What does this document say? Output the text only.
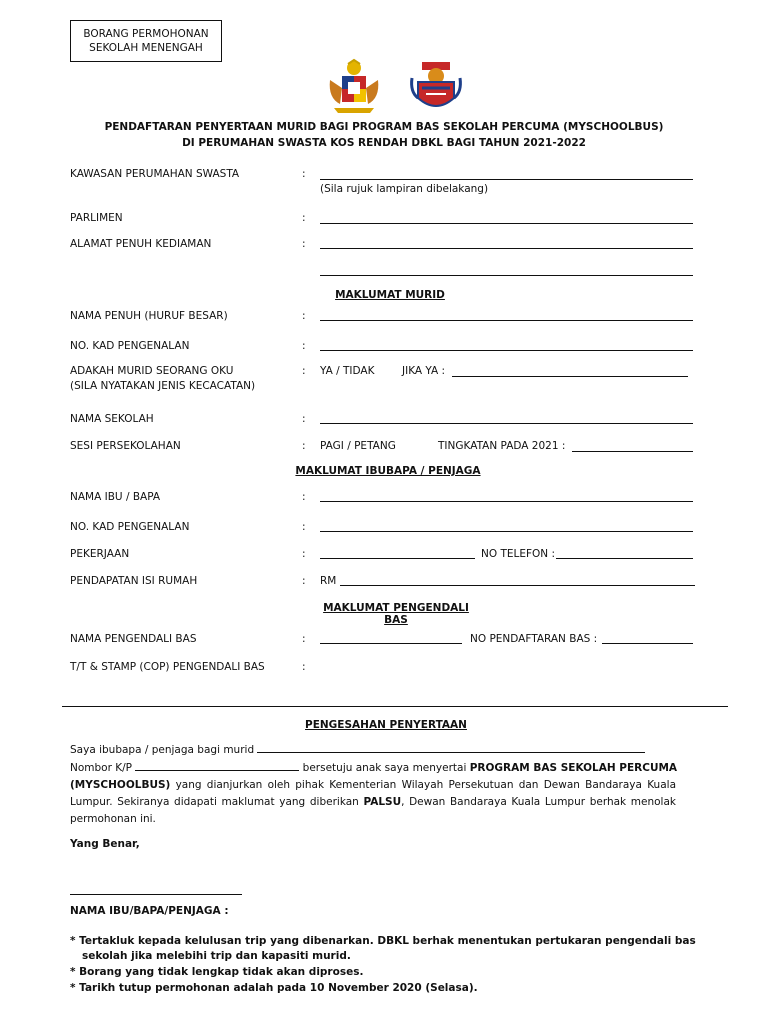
BORANG PERMOHONAN
SEKOLAH MENENGAH
PENDAFTARAN PENYERTAAN MURID BAGI PROGRAM BAS SEKOLAH PERCUMA (MYSCHOOLBUS)
DI PERUMAHAN SWASTA KOS RENDAH DBKL BAGI TAHUN 2021-2022
KAWASAN PERUMAHAN SWASTA	:
(Sila rujuk lampiran dibelakang)
PARLIMEN	:
ALAMAT PENUH KEDIAMAN	:
MAKLUMAT MURID
NAMA PENUH (HURUF BESAR)	:
NO. KAD PENGENALAN	:
ADAKAH MURID SEORANG OKU
(SILA NYATAKAN JENIS KECACATAN)
: YA / TIDAK	JIKA YA :
NAMA SEKOLAH	:
SESI PERSEKOLAHAN	: PAGI / PETANG	TINGKATAN PADA 2021 :
MAKLUMAT IBUBAPA / PENJAGA
NAMA IBU / BAPA	:
NO. KAD PENGENALAN	:
PEKERJAAN	:	NO TELEFON :
PENDAPATAN ISI RUMAH	: RM
MAKLUMAT PENGENDALI BAS
NAMA PENGENDALI BAS	:	NO PENDAFTARAN BAS :
T/T & STAMP (COP) PENGENDALI BAS	:
PENGESAHAN PENYERTAAN
Saya ibubapa / penjaga bagi murid
Nombor K/P	bersetuju anak saya menyertai PROGRAM BAS SEKOLAH PERCUMA
(MYSCHOOLBUS) yang dianjurkan oleh pihak Kementerian Wilayah Persekutuan dan Dewan Bandaraya Kuala Lumpur. Sekiranya didapati maklumat yang diberikan PALSU, Dewan Bandaraya Kuala Lumpur berhak menolak permohonan ini.
Yang Benar,
NAMA IBU/BAPA/PENJAGA :
* Tertakluk kepada kelulusan trip yang dibenarkan. DBKL berhak menentukan pertukaran pengendali bas
sekolah jika melebihi trip dan kapasiti murid.
* Borang yang tidak lengkap tidak akan diproses.
* Tarikh tutup permohonan adalah pada 10 November 2020 (Selasa).
